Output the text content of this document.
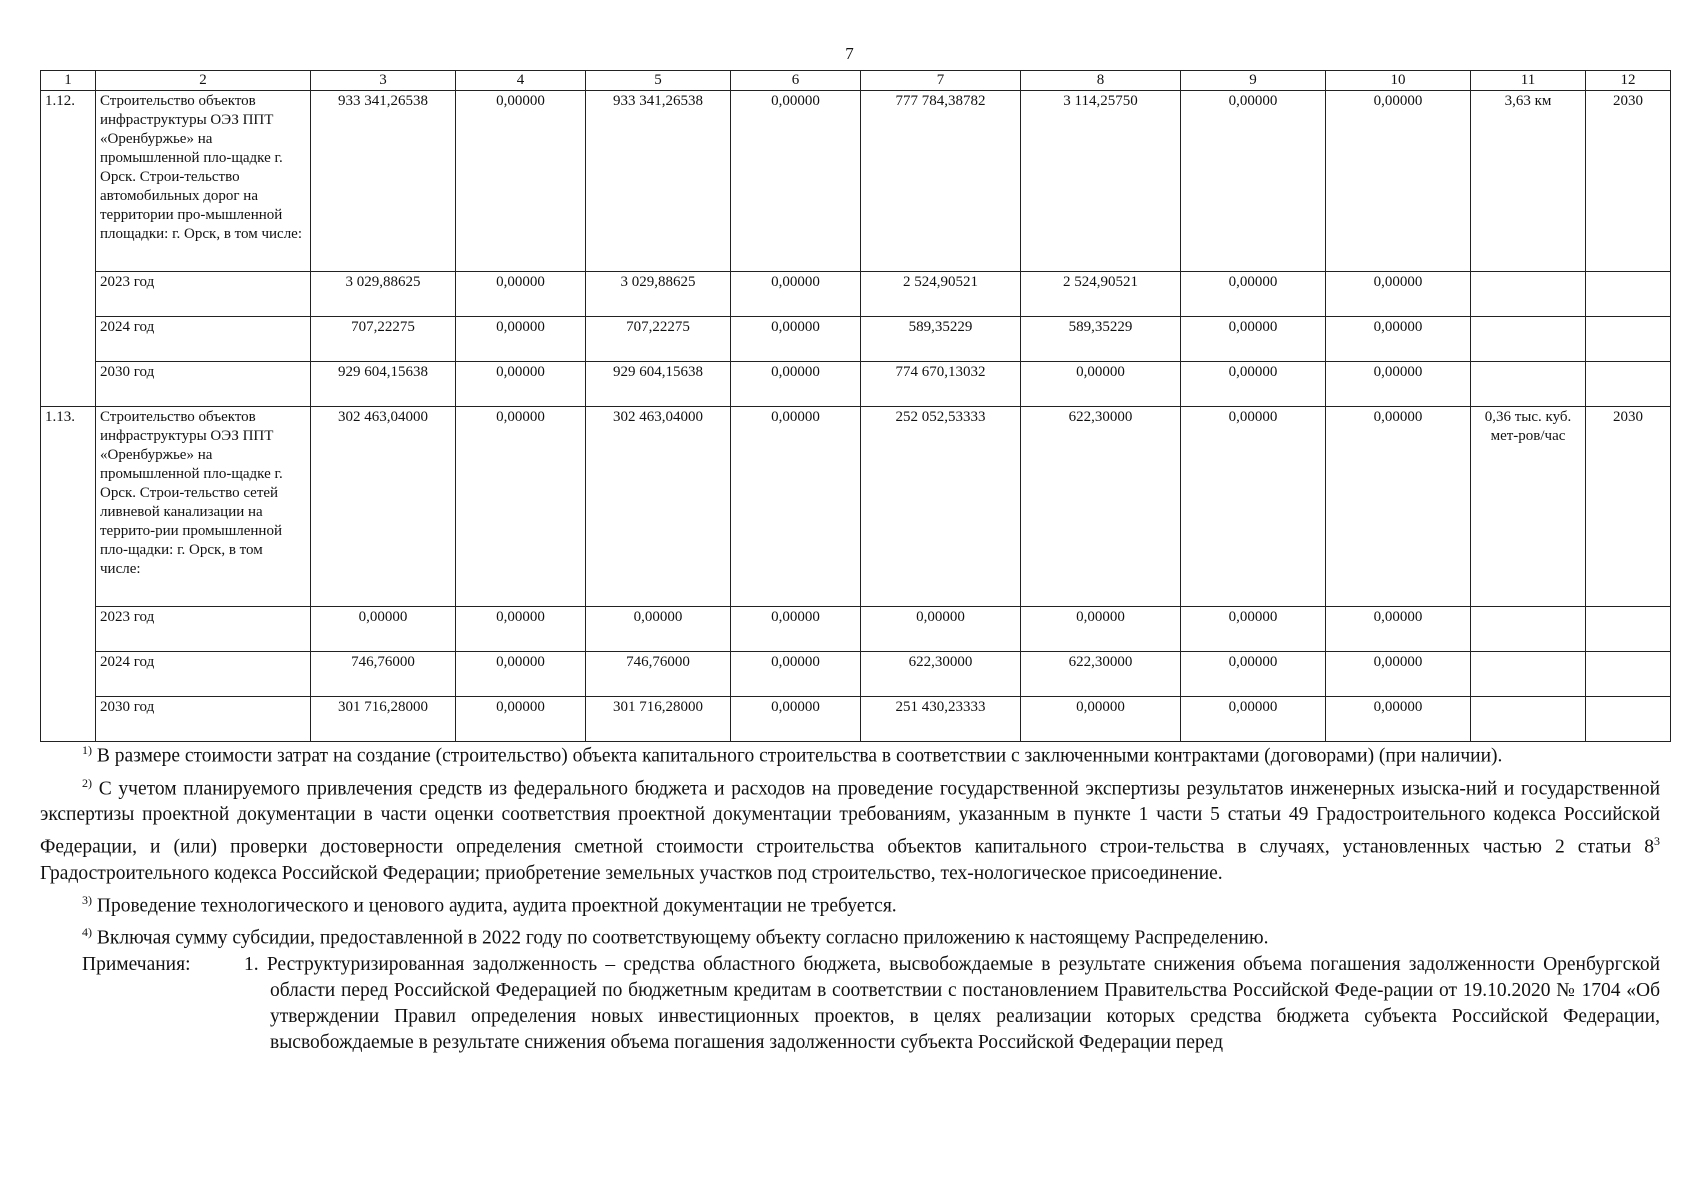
7
1	2	3	4	5	6	7	8	9	10	11	12
1.12.	Строительство объектов инфраструктуры ОЭЗ ППТ «Оренбуржье» на промышленной пло-щадке г. Орск. Строи-тельство автомобильных дорог на территории про-мышленной площадки: г. Орск, в том числе:	933 341,26538	0,00000	933 341,26538	0,00000	777 784,38782	3 114,25750	0,00000	0,00000	3,63 км	2030
	2023 год	3 029,88625	0,00000	3 029,88625	0,00000	2 524,90521	2 524,90521	0,00000	0,00000		
	2024 год	707,22275	0,00000	707,22275	0,00000	589,35229	589,35229	0,00000	0,00000		
	2030 год	929 604,15638	0,00000	929 604,15638	0,00000	774 670,13032	0,00000	0,00000	0,00000		
1.13.	Строительство объектов инфраструктуры ОЭЗ ППТ «Оренбуржье» на промышленной пло-щадке г. Орск. Строи-тельство сетей ливневой канализации на террито-рии промышленной пло-щадки: г. Орск, в том числе:	302 463,04000	0,00000	302 463,04000	0,00000	252 052,53333	622,30000	0,00000	0,00000	0,36 тыс. куб. мет-ров/час	2030
	2023 год	0,00000	0,00000	0,00000	0,00000	0,00000	0,00000	0,00000	0,00000		
	2024 год	746,76000	0,00000	746,76000	0,00000	622,30000	622,30000	0,00000	0,00000		
	2030 год	301 716,28000	0,00000	301 716,28000	0,00000	251 430,23333	0,00000	0,00000	0,00000		

$^{1)}$ В размере стоимости затрат на создание (строительство) объекта капитального строительства в соответствии с заключенными контрактами (договорами) (при наличии).

$^{2)}$ С учетом планируемого привлечения средств из федерального бюджета и расходов на проведение государственной экспертизы результатов инженерных изыска-ний и государственной экспертизы проектной документации в части оценки соответствия проектной документации требованиям, указанным в пункте 1 части 5 статьи 49 Градостроительного кодекса Российской Федерации, и (или) проверки достоверности определения сметной стоимости строительства объектов капитального строи-тельства в случаях, установленных частью 2 статьи $8^3$ Градостроительного кодекса Российской Федерации; приобретение земельных участков под строительство, тех-нологическое присоединение.

$^{3)}$ Проведение технологического и ценового аудита, аудита проектной документации не требуется.

$^{4)}$ Включая сумму субсидии, предоставленной в 2022 году по соответствующему объекту согласно приложению к настоящему Распределению.

Примечания:	1. Реструктуризированная задолженность – средства областного бюджета, высвобождаемые в результате снижения объема погашения задолженности Оренбургской области перед Российской Федерацией по бюджетным кредитам в соответствии с постановлением Правительства Российской Феде-рации от 19.10.2020 № 1704 «Об утверждении Правил определения новых инвестиционных проектов, в целях реализации которых средства бюджета субъекта Российской Федерации, высвобождаемые в результате снижения объема погашения задолженности субъекта Российской Федерации перед
